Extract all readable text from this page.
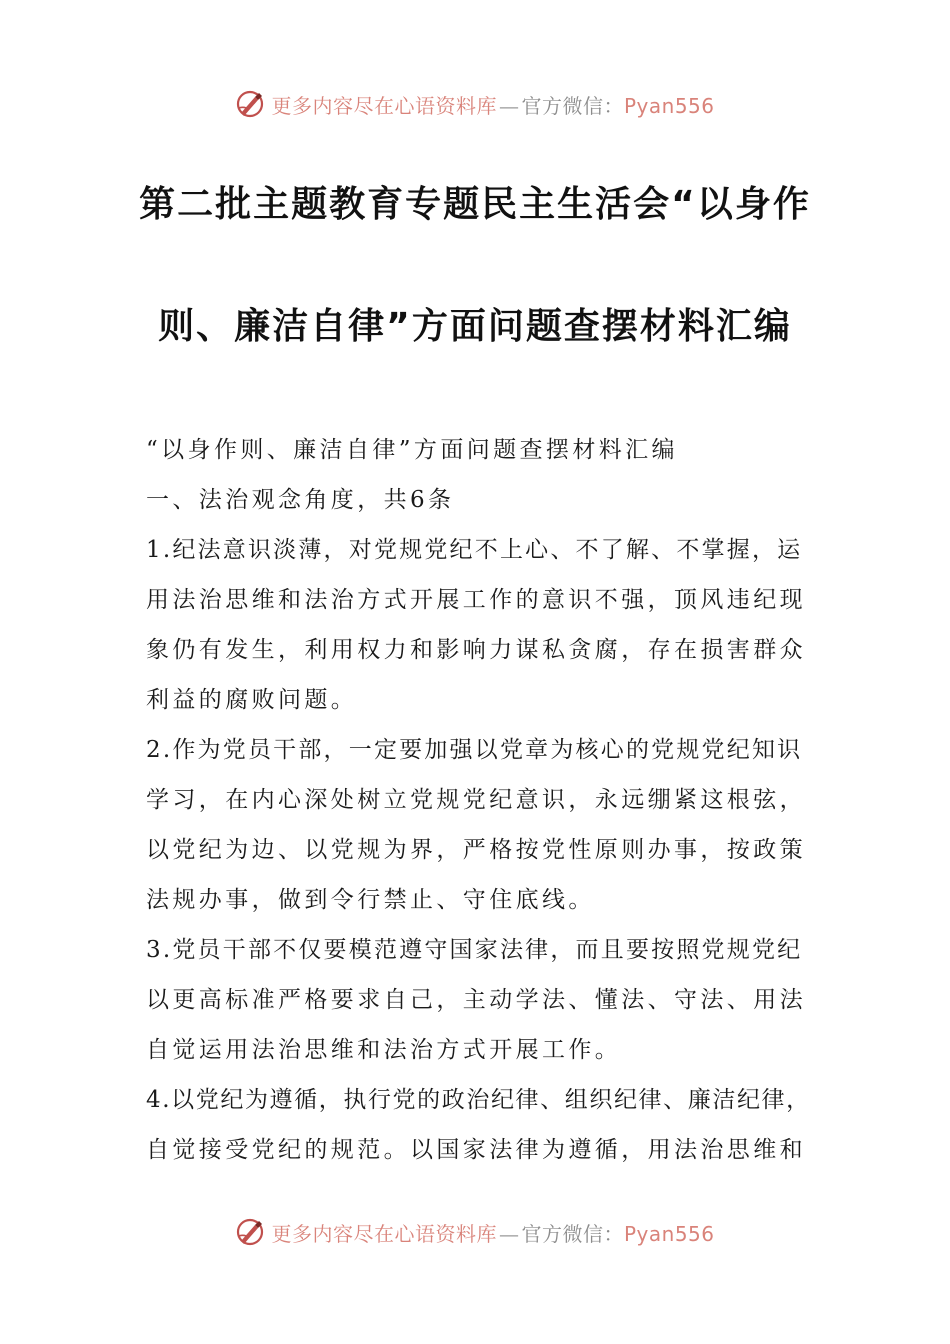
更多内容尽在心语资料库 — 官方微信：Pyan556
第二批主题教育专题民主生活会“以身作
则、廉洁自律”方面问题查摆材料汇编
“以身作则、廉洁自律”方面问题查摆材料汇编
一、法治观念角度，共6条
1.纪法意识淡薄，对党规党纪不上心、不了解、不掌握，运
用法治思维和法治方式开展工作的意识不强，顶风违纪现
象仍有发生，利用权力和影响力谋私贪腐，存在损害群众
利益的腐败问题。
2.作为党员干部，一定要加强以党章为核心的党规党纪知识
学习，在内心深处树立党规党纪意识，永远绷紧这根弦，
以党纪为边、以党规为界，严格按党性原则办事，按政策
法规办事，做到令行禁止、守住底线。
3.党员干部不仅要模范遵守国家法律，而且要按照党规党纪
以更高标准严格要求自己，主动学法、懂法、守法、用法
自觉运用法治思维和法治方式开展工作。
4.以党纪为遵循，执行党的政治纪律、组织纪律、廉洁纪律，
自觉接受党纪的规范。以国家法律为遵循，用法治思维和
更多内容尽在心语资料库 — 官方微信：Pyan556
